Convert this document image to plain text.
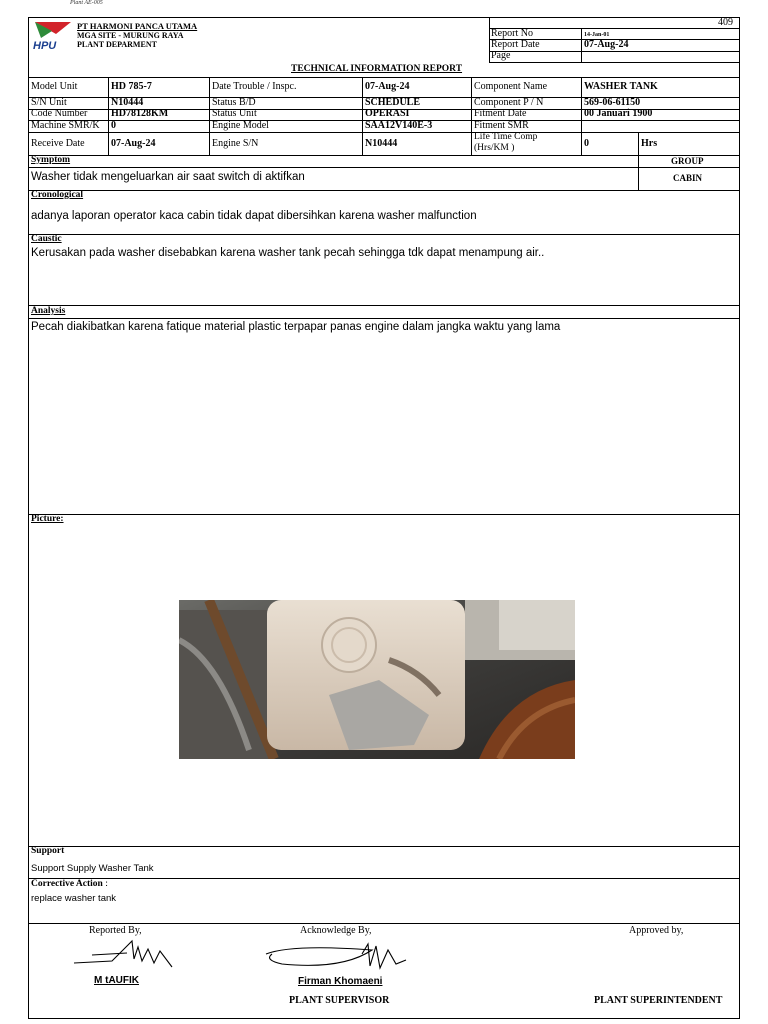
Plant AE-005
HPU
PT HARMONI PANCA UTAMA
MGA SITE - MURUNG RAYA
PLANT DEPARMENT
409
Report No	14-Jan-01
Report Date	07-Aug-24
Page
TECHNICAL INFORMATION REPORT
Model Unit	HD 785-7	Date Trouble / Inspc.	07-Aug-24	Component Name	WASHER TANK
S/N Unit	N10444	Status B/D	SCHEDULE	Component P / N	569-06-61150
Code Number HD78128KM	Status Unit	OPERASI	Fitment Date	00 Januari 1900
Machine SMR/K 0	Engine Model	SAA12V140E-3	Fitment SMR
Receive Date	07-Aug-24	Engine S/N	N10444
Life Time Comp
(Hrs/KM )	0	Hrs
Symptom	GROUP
CABIN
Washer tidak mengeluarkan air saat switch di aktifkan
Cronological
adanya laporan operator kaca cabin tidak dapat dibersihkan karena washer malfunction
Caustic
Kerusakan pada washer disebabkan karena washer tank pecah sehingga tdk dapat menampung air..
Analysis
Pecah diakibatkan karena fatique material plastic terpapar panas engine dalam jangka waktu yang lama
Picture:
Support
Support Supply Washer Tank
Corrective Action :
replace washer tank
Reported By,	Acknowledge By,	Approved by,
M tAUFIK	Firman Khomaeni
PLANT SUPERVISOR	PLANT SUPERINTENDENT
